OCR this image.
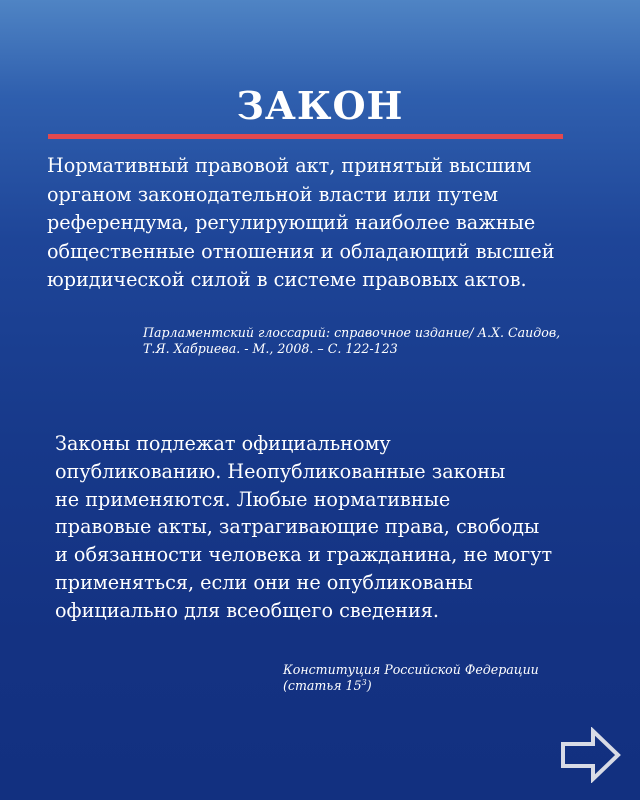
ЗАКОН
Нормативный правовой акт, принятый высшим
органом законодательной власти или путем
референдума, регулирующий наиболее важные
общественные отношения и обладающий высшей
юридической силой в системе правовых актов.
Парламентский глоссарий: справочное издание/ А.Х. Саидов,
Т.Я. Хабриева. - М., 2008. – С. 122-123
Законы подлежат официальному
опубликованию. Неопубликованные законы
не применяются. Любые нормативные
правовые акты, затрагивающие права, свободы
и обязанности человека и гражданина, не могут
применяться, если они не опубликованы
официально для всеобщего сведения.
Конституция Российской Федерации
(статья $15^3$)
